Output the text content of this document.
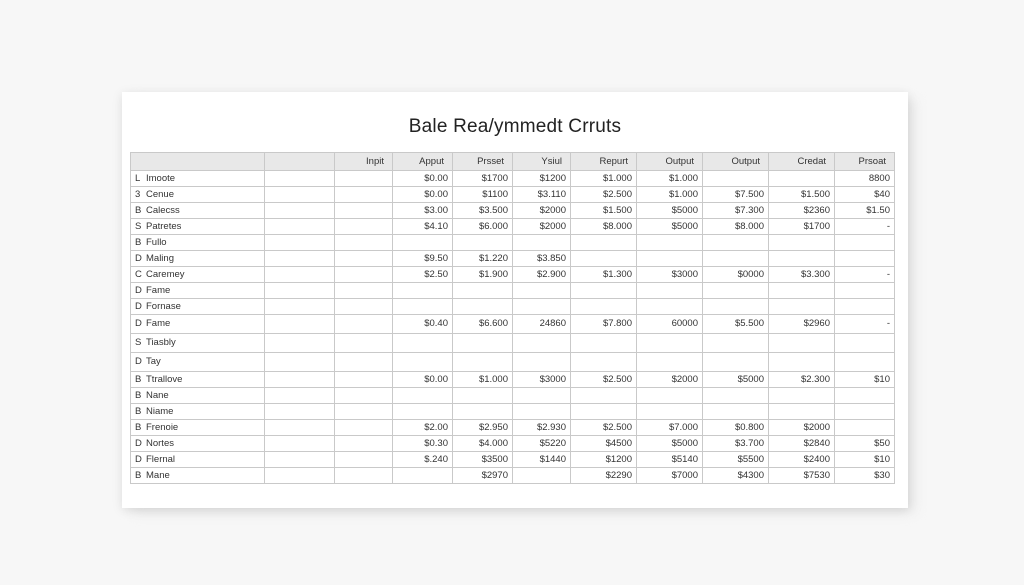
Bale Rea/ymmedt Crruts
		Inpit	Apput	Prsset	Ysiul	Repurt	Output	Output	Credat	Prsoat
L Imoote			$0.00	$1700	$1200	$1.000	$1.000			8800
3 Cenue			$0.00	$1100	$3.110	$2.500	$1.000	$7.500	$1.500	$40
B Calecss			$3.00	$3.500	$2000	$1.500	$5000	$7.300	$2360	$1.50
S Patretes			$4.10	$6.000	$2000	$8.000	$5000	$8.000	$1700	-
B Fullo										
D Maling			$9.50	$1.220	$3.850					
C Caremey			$2.50	$1.900	$2.900	$1.300	$3000	$0000	$3.300	-
D Fame										
D Fornase										
D Fame			$0.40	$6.600	24860	$7.800	60000	$5.500	$2960	-
S Tiasbly										
D Tay										
B Ttrallove			$0.00	$1.000	$3000	$2.500	$2000	$5000	$2.300	$10
B Nane										
B Niame										
B Frenoie			$2.00	$2.950	$2.930	$2.500	$7.000	$0.800	$2000	
D Nortes			$0.30	$4.000	$5220	$4500	$5000	$3.700	$2840	$50
D Flernal			$.240	$3500	$1440	$1200	$5140	$5500	$2400	$10
B Mane				$2970		$2290	$7000	$4300	$7530	$30
